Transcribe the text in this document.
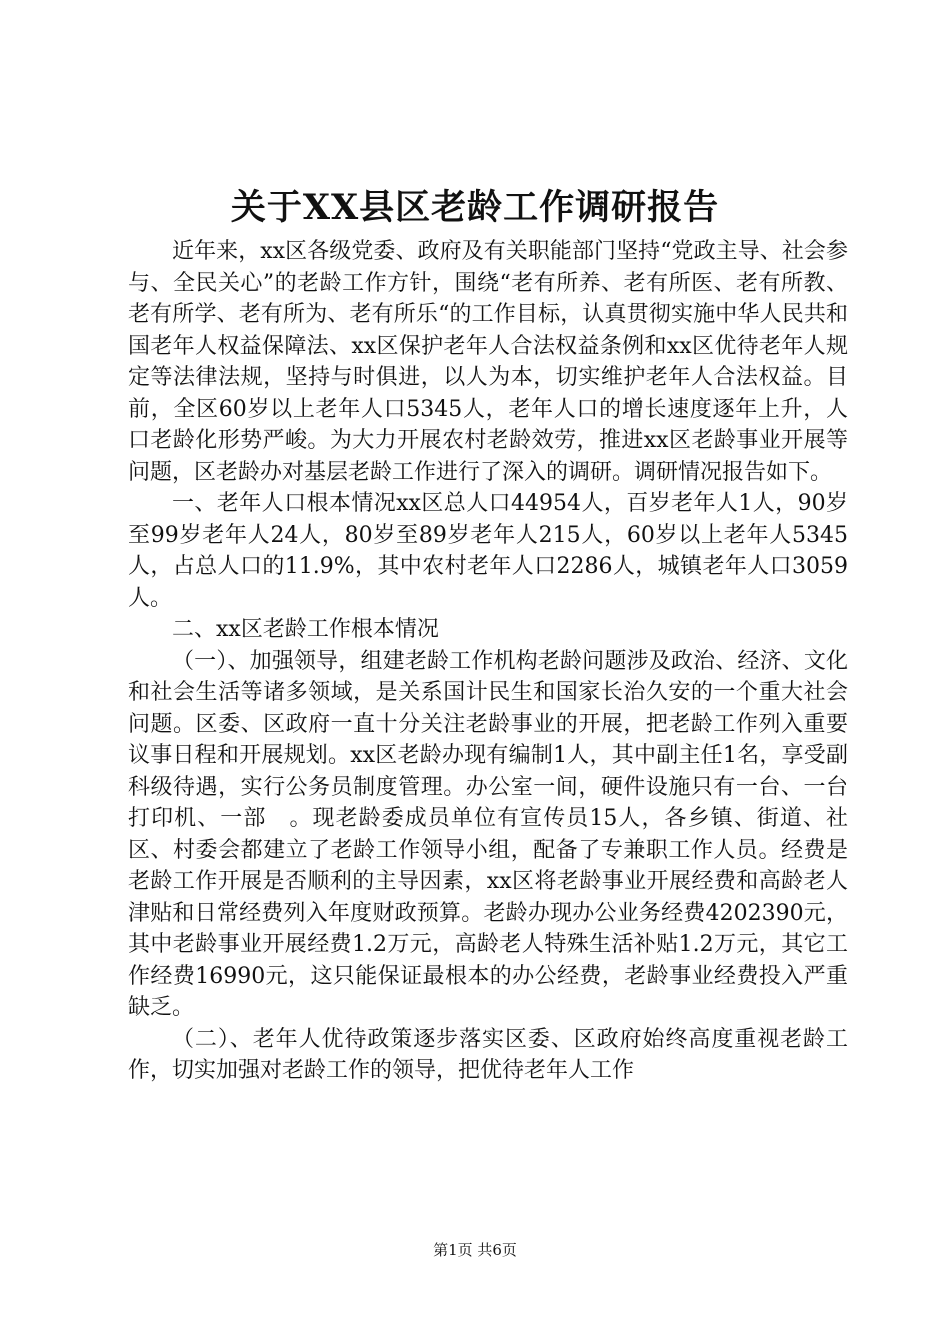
关于XX县区老龄工作调研报告

近年来，xx区各级党委、政府及有关职能部门坚持“党政主导、社会参与、全民关心”的老龄工作方针，围绕“老有所养、老有所医、老有所教、老有所学、老有所为、老有所乐“的工作目标，认真贯彻实施中华人民共和国老年人权益保障法、xx区保护老年人合法权益条例和xx区优待老年人规定等法律法规，坚持与时俱进，以人为本，切实维护老年人合法权益。目前，全区60岁以上老年人口5345人，老年人口的增长速度逐年上升，人口老龄化形势严峻。为大力开展农村老龄效劳，推进xx区老龄事业开展等问题，区老龄办对基层老龄工作进行了深入的调研。调研情况报告如下。

一、老年人口根本情况xx区总人口44954人，百岁老年人1人，90岁至99岁老年人24人，80岁至89岁老年人215人，60岁以上老年人5345人，占总人口的11.9%，其中农村老年人口2286人，城镇老年人口3059人。

二、xx区老龄工作根本情况

（一）、加强领导，组建老龄工作机构老龄问题涉及政治、经济、文化和社会生活等诸多领域，是关系国计民生和国家长治久安的一个重大社会问题。区委、区政府一直十分关注老龄事业的开展，把老龄工作列入重要议事日程和开展规划。xx区老龄办现有编制1人，其中副主任1名，享受副科级待遇，实行公务员制度管理。办公室一间，硬件设施只有一台、一台打印机、一部　。现老龄委成员单位有宣传员15人，各乡镇、街道、社区、村委会都建立了老龄工作领导小组，配备了专兼职工作人员。经费是老龄工作开展是否顺利的主导因素，xx区将老龄事业开展经费和高龄老人津贴和日常经费列入年度财政预算。老龄办现办公业务经费4202390元，其中老龄事业开展经费1.2万元，高龄老人特殊生活补贴1.2万元，其它工作经费16990元，这只能保证最根本的办公经费，老龄事业经费投入严重缺乏。

（二）、老年人优待政策逐步落实区委、区政府始终高度重视老龄工作，切实加强对老龄工作的领导，把优待老年人工作

第1页 共6页
